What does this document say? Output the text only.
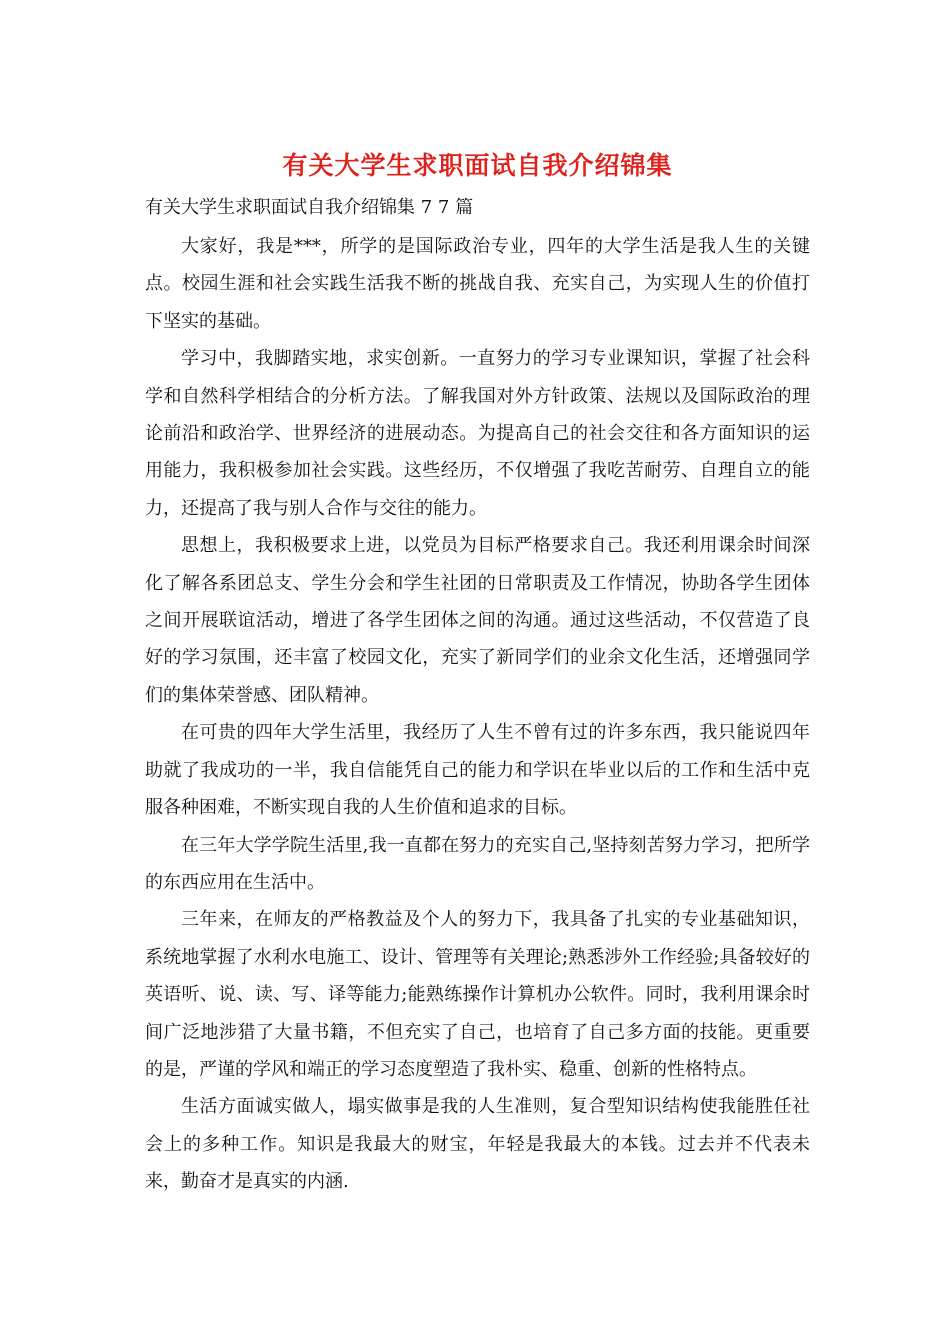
有关大学生求职面试自我介绍锦集
有关大学生求职面试自我介绍锦集 7 7 篇

大家好，我是***，所学的是国际政治专业，四年的大学生活是我人生的关键点。校园生涯和社会实践生活我不断的挑战自我、充实自己，为实现人生的价值打下坚实的基础。

学习中，我脚踏实地，求实创新。一直努力的学习专业课知识，掌握了社会科学和自然科学相结合的分析方法。了解我国对外方针政策、法规以及国际政治的理论前沿和政治学、世界经济的进展动态。为提高自己的社会交往和各方面知识的运用能力，我积极参加社会实践。这些经历，不仅增强了我吃苦耐劳、自理自立的能力，还提高了我与别人合作与交往的能力。

思想上，我积极要求上进，以党员为目标严格要求自己。我还利用课余时间深化了解各系团总支、学生分会和学生社团的日常职责及工作情况，协助各学生团体之间开展联谊活动，增进了各学生团体之间的沟通。通过这些活动，不仅营造了良好的学习氛围，还丰富了校园文化，充实了新同学们的业余文化生活，还增强同学们的集体荣誉感、团队精神。

在可贵的四年大学生活里，我经历了人生不曾有过的许多东西，我只能说四年助就了我成功的一半，我自信能凭自己的能力和学识在毕业以后的工作和生活中克服各种困难，不断实现自我的人生价值和追求的目标。

在三年大学学院生活里,我一直都在努力的充实自己,坚持刻苦努力学习，把所学的东西应用在生活中。

三年来，在师友的严格教益及个人的努力下，我具备了扎实的专业基础知识，系统地掌握了水利水电施工、设计、管理等有关理论;熟悉涉外工作经验;具备较好的英语听、说、读、写、译等能力;能熟练操作计算机办公软件。同时，我利用课余时间广泛地涉猎了大量书籍，不但充实了自己，也培育了自己多方面的技能。更重要的是，严谨的学风和端正的学习态度塑造了我朴实、稳重、创新的性格特点。

生活方面诚实做人，塌实做事是我的人生准则，复合型知识结构使我能胜任社会上的多种工作。知识是我最大的财宝，年轻是我最大的本钱。过去并不代表未来，勤奋才是真实的内涵.
